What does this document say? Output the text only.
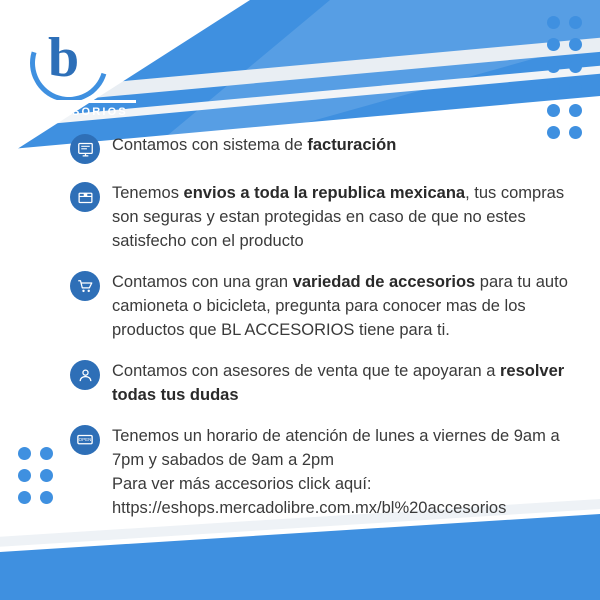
b
ACCESORIOS
Contamos con sistema de facturación
Tenemos envios a toda la republica mexicana, tus compras son seguras y estan protegidas en caso de que no estes satisfecho con el producto
Contamos con una gran variedad de accesorios para tu auto camioneta o bicicleta, pregunta para conocer mas de los productos que BL ACCESORIOS tiene para ti.
Contamos con asesores de venta que te apoyaran a resolver todas tus dudas
OPEN Tenemos un horario de atención de lunes a viernes de 9am a 7pm y sabados de 9am a 2pm
Para ver más accesorios click aquí:
https://eshops.mercadolibre.com.mx/bl%20accesorios
